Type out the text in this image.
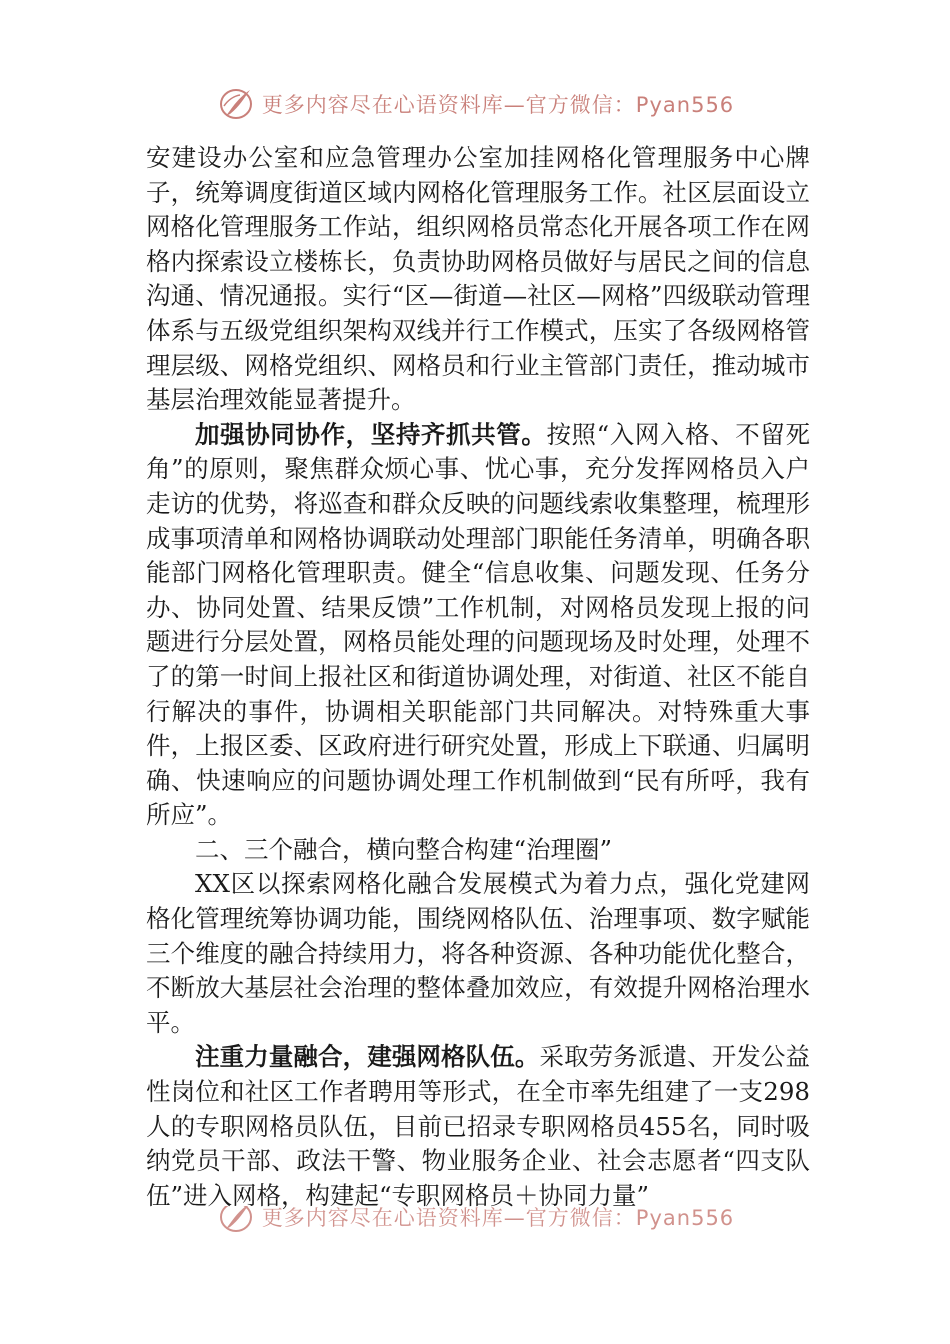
更多内容尽在心语资料库—官方微信：Pyan556

安建设办公室和应急管理办公室加挂网格化管理服务中心牌子，统筹调度街道区域内网格化管理服务工作。社区层面设立网格化管理服务工作站，组织网格员常态化开展各项工作在网格内探索设立楼栋长，负责协助网格员做好与居民之间的信息沟通、情况通报。实行“区—街道—社区—网格”四级联动管理体系与五级党组织架构双线并行工作模式，压实了各级网格管理层级、网格党组织、网格员和行业主管部门责任，推动城市基层治理效能显著提升。

加强协同协作，坚持齐抓共管。按照“入网入格、不留死角”的原则，聚焦群众烦心事、忧心事，充分发挥网格员入户走访的优势，将巡查和群众反映的问题线索收集整理，梳理形成事项清单和网格协调联动处理部门职能任务清单，明确各职能部门网格化管理职责。健全“信息收集、问题发现、任务分办、协同处置、结果反馈”工作机制，对网格员发现上报的问题进行分层处置，网格员能处理的问题现场及时处理，处理不了的第一时间上报社区和街道协调处理，对街道、社区不能自行解决的事件，协调相关职能部门共同解决。对特殊重大事件，上报区委、区政府进行研究处置，形成上下联通、归属明确、快速响应的问题协调处理工作机制做到“民有所呼，我有所应”。

二、三个融合，横向整合构建“治理圈”

XX区以探索网格化融合发展模式为着力点，强化党建网格化管理统筹协调功能，围绕网格队伍、治理事项、数字赋能三个维度的融合持续用力，将各种资源、各种功能优化整合，不断放大基层社会治理的整体叠加效应，有效提升网格治理水平。

注重力量融合，建强网格队伍。采取劳务派遣、开发公益性岗位和社区工作者聘用等形式，在全市率先组建了一支298人的专职网格员队伍，目前已招录专职网格员455名，同时吸纳党员干部、政法干警、物业服务企业、社会志愿者“四支队伍”进入网格，构建起“专职网格员＋协同力量”

更多内容尽在心语资料库—官方微信：Pyan556
